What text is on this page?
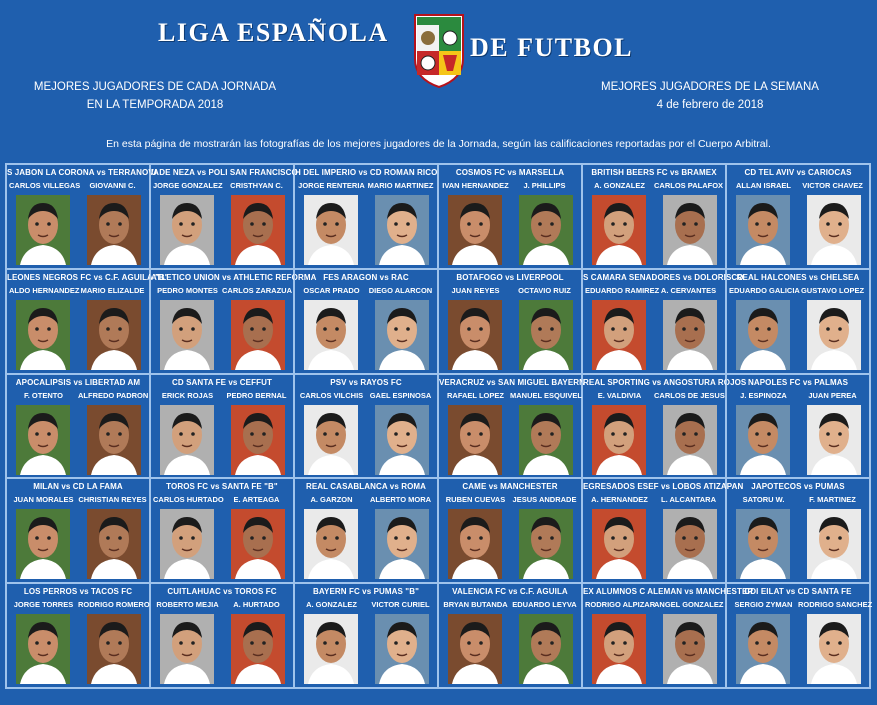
LIGA ESPAÑOLA
DE FUTBOL
MEJORES JUGADORES DE CADA JORNADA
EN LA TEMPORADA 2018
MEJORES JUGADORES DE LA SEMANA
4 de febrero de 2018
En esta página de mostrarán las fotografías de los mejores jugadores de la Jornada, según las calificaciones reportadas por el Cuerpo Arbitral.
S JABON LA CORONA vs TERRANOVA
CARLOS VILLEGAS	GIOVANNI C.
U DE NEZA vs POLI SAN FRANCISCO
JORGE GONZALEZ	CRISTHYAN C.
H DEL IMPERIO vs CD ROMAN RICO
JORGE RENTERIA MARIO MARTINEZ
COSMOS FC vs MARSELLA
IVAN HERNANDEZ	J. PHILLIPS
BRITISH BEERS FC vs BRAMEX
A. GONZALEZ	CARLOS PALAFOX
CD TEL AVIV vs CARIOCAS
ALLAN ISRAEL	VICTOR CHAVEZ
LEONES NEGROS FC vs C.F. AGUILA "B"
ALDO HERNANDEZ MARIO ELIZALDE
ATLETICO UNION vs ATHLETIC REFORMA
PEDRO MONTES CARLOS ZARAZUA
FES ARAGON vs RAC
OSCAR PRADO	DIEGO ALARCON
BOTAFOGO vs LIVERPOOL
JUAN REYES	OCTAVIO RUIZ
S CAMARA SENADORES vs DOLORISCO
EDUARDO RAMIREZ A. CERVANTES
REAL HALCONES vs CHELSEA
EDUARDO GALICIA GUSTAVO LOPEZ
APOCALIPSIS vs LIBERTAD AM
F. OTENTO	ALFREDO PADRON
CD SANTA FE vs CEFFUT
ERICK ROJAS	PEDRO BERNAL
PSV vs RAYOS FC
CARLOS VILCHIS GAEL ESPINOSA
VERACRUZ vs SAN MIGUEL BAYERN
RAFAEL LOPEZ MANUEL ESQUIVEL
REAL SPORTING vs ANGOSTURA ROJOS
E. VALDIVIA	CARLOS DE JESUS
NAPOLES FC vs PALMAS
J. ESPINOZA	JUAN PEREA
MILAN vs CD LA FAMA
JUAN MORALES CHRISTIAN REYES
TOROS FC vs SANTA FE "B"
CARLOS HURTADO	E. ARTEAGA
REAL CASABLANCA vs ROMA
A. GARZON	ALBERTO MORA
CAME vs MANCHESTER
RUBEN CUEVAS JESUS ANDRADE
EGRESADOS ESEF vs LOBOS ATIZAPAN
A. HERNANDEZ	L. ALCANTARA
JAPOTECOS vs PUMAS
SATORU W.	F. MARTINEZ
LOS PERROS vs TACOS FC
JORGE TORRES RODRIGO ROMERO
CUITLAHUAC vs TOROS FC
ROBERTO MEJIA	A. HURTADO
BAYERN FC vs PUMAS "B"
A. GONZALEZ	VICTOR CURIEL
VALENCIA FC vs C.F. AGUILA
BRYAN BUTANDA EDUARDO LEYVA
EX ALUMNOS C ALEMAN vs MANCHESTER
RODRIGO ALPIZAR
ANGEL GONZALEZ
CDI EILAT vs CD SANTA FE
SERGIO ZYMAN RODRIGO SANCHEZ
